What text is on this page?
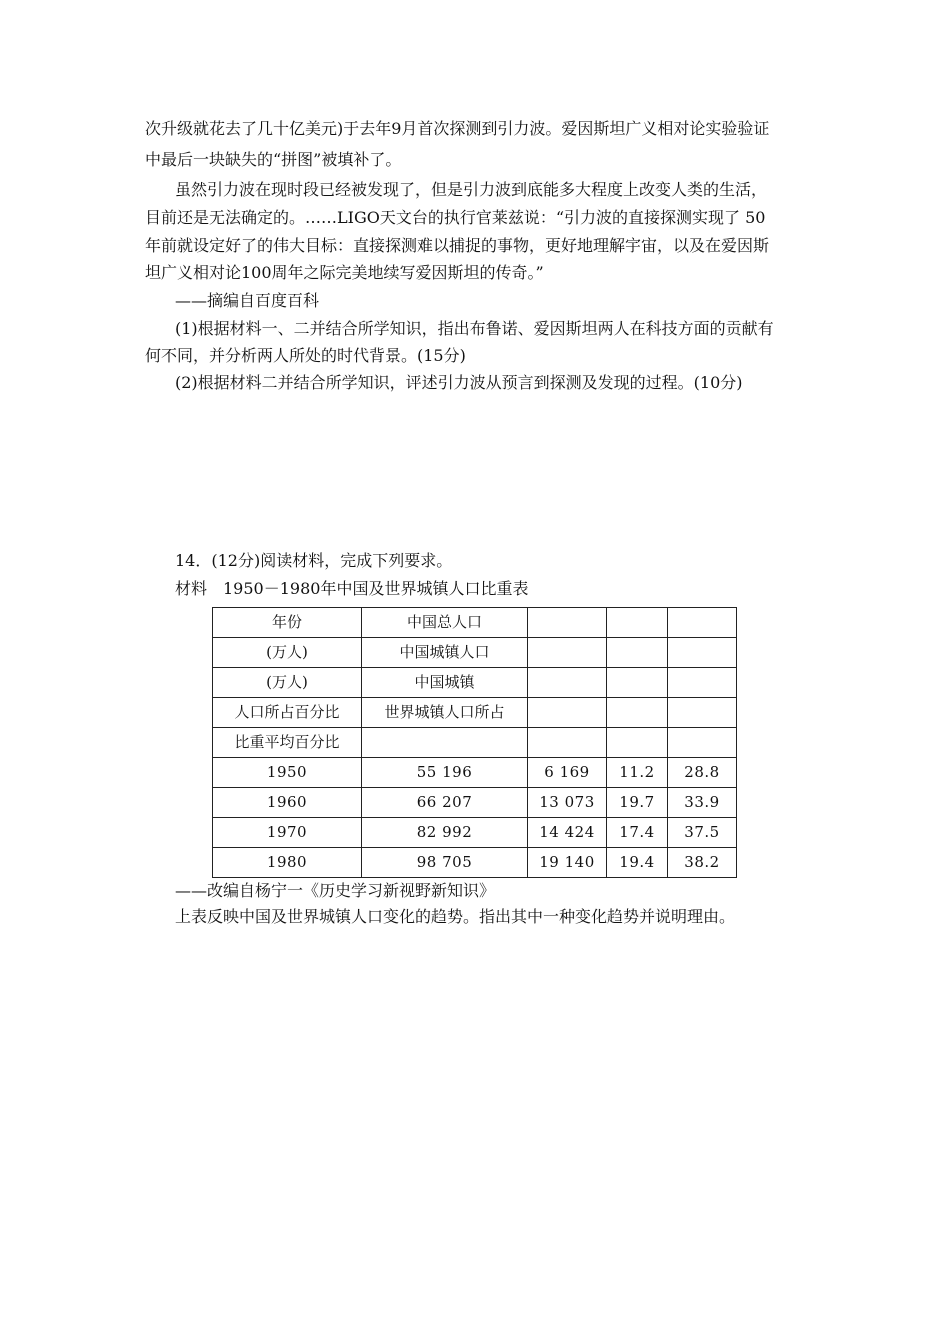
次升级就花去了几十亿美元)于去年9月首次探测到引力波。爱因斯坦广义相对论实验验证
中最后一块缺失的“拼图”被填补了。
虽然引力波在现时段已经被发现了，但是引力波到底能多大程度上改变人类的生活，
目前还是无法确定的。……LIGO天文台的执行官莱兹说：“引力波的直接探测实现了 50
年前就设定好了的伟大目标：直接探测难以捕捉的事物，更好地理解宇宙，以及在爱因斯
坦广义相对论100周年之际完美地续写爱因斯坦的传奇。”
——摘编自百度百科
(1)根据材料一、二并结合所学知识，指出布鲁诺、爱因斯坦两人在科技方面的贡献有
何不同，并分析两人所处的时代背景。(15分)
(2)根据材料二并结合所学知识，评述引力波从预言到探测及发现的过程。(10分)
14．(12分)阅读材料，完成下列要求。
材料　1950－1980年中国及世界城镇人口比重表
年份	中国总人口			
(万人)	中国城镇人口			
(万人)	中国城镇			
人口所占百分比	世界城镇人口所占			
比重平均百分比				
1950	55 196	6 169	11.2	28.8
1960	66 207	13 073	19.7	33.9
1970	82 992	14 424	17.4	37.5
1980	98 705	19 140	19.4	38.2
——改编自杨宁一《历史学习新视野新知识》
上表反映中国及世界城镇人口变化的趋势。指出其中一种变化趋势并说明理由。
